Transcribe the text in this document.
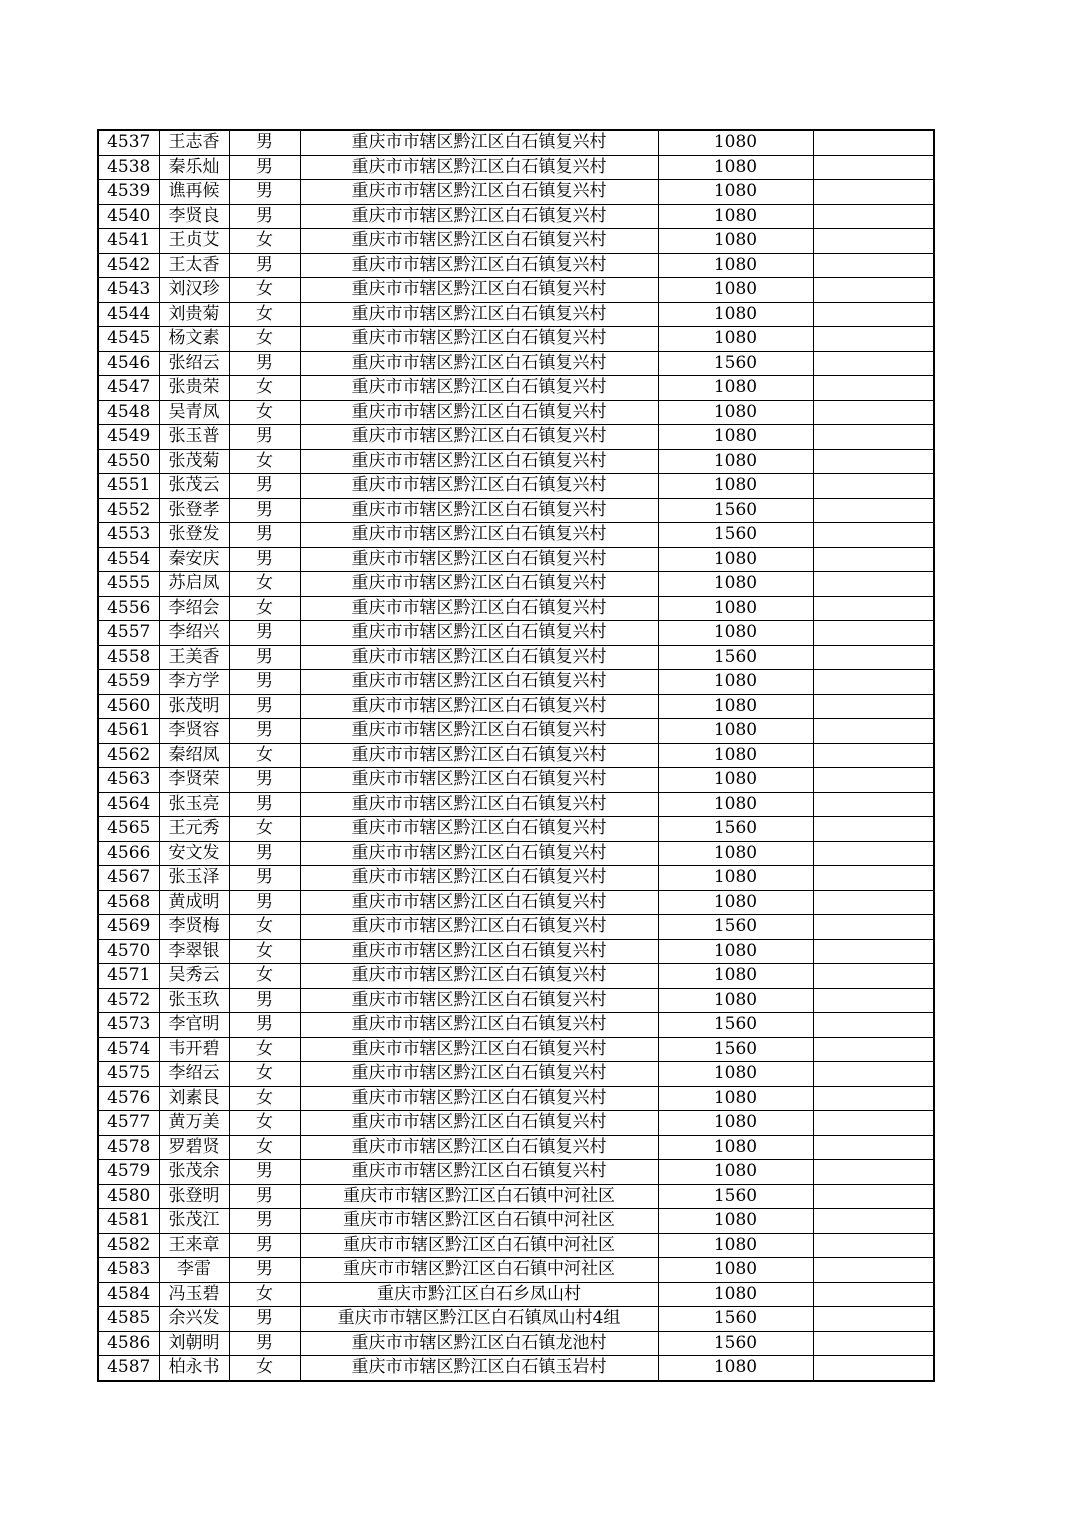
4537	王志香	男	重庆市市辖区黔江区白石镇复兴村	1080	
4538	秦乐灿	男	重庆市市辖区黔江区白石镇复兴村	1080	
4539	谯再候	男	重庆市市辖区黔江区白石镇复兴村	1080	
4540	李贤良	男	重庆市市辖区黔江区白石镇复兴村	1080	
4541	王贞艾	女	重庆市市辖区黔江区白石镇复兴村	1080	
4542	王太香	男	重庆市市辖区黔江区白石镇复兴村	1080	
4543	刘汉珍	女	重庆市市辖区黔江区白石镇复兴村	1080	
4544	刘贵菊	女	重庆市市辖区黔江区白石镇复兴村	1080	
4545	杨文素	女	重庆市市辖区黔江区白石镇复兴村	1080	
4546	张绍云	男	重庆市市辖区黔江区白石镇复兴村	1560	
4547	张贵荣	女	重庆市市辖区黔江区白石镇复兴村	1080	
4548	吴青凤	女	重庆市市辖区黔江区白石镇复兴村	1080	
4549	张玉普	男	重庆市市辖区黔江区白石镇复兴村	1080	
4550	张茂菊	女	重庆市市辖区黔江区白石镇复兴村	1080	
4551	张茂云	男	重庆市市辖区黔江区白石镇复兴村	1080	
4552	张登孝	男	重庆市市辖区黔江区白石镇复兴村	1560	
4553	张登发	男	重庆市市辖区黔江区白石镇复兴村	1560	
4554	秦安庆	男	重庆市市辖区黔江区白石镇复兴村	1080	
4555	苏启凤	女	重庆市市辖区黔江区白石镇复兴村	1080	
4556	李绍会	女	重庆市市辖区黔江区白石镇复兴村	1080	
4557	李绍兴	男	重庆市市辖区黔江区白石镇复兴村	1080	
4558	王美香	男	重庆市市辖区黔江区白石镇复兴村	1560	
4559	李方学	男	重庆市市辖区黔江区白石镇复兴村	1080	
4560	张茂明	男	重庆市市辖区黔江区白石镇复兴村	1080	
4561	李贤容	男	重庆市市辖区黔江区白石镇复兴村	1080	
4562	秦绍凤	女	重庆市市辖区黔江区白石镇复兴村	1080	
4563	李贤荣	男	重庆市市辖区黔江区白石镇复兴村	1080	
4564	张玉亮	男	重庆市市辖区黔江区白石镇复兴村	1080	
4565	王元秀	女	重庆市市辖区黔江区白石镇复兴村	1560	
4566	安文发	男	重庆市市辖区黔江区白石镇复兴村	1080	
4567	张玉泽	男	重庆市市辖区黔江区白石镇复兴村	1080	
4568	黄成明	男	重庆市市辖区黔江区白石镇复兴村	1080	
4569	李贤梅	女	重庆市市辖区黔江区白石镇复兴村	1560	
4570	李翠银	女	重庆市市辖区黔江区白石镇复兴村	1080	
4571	吴秀云	女	重庆市市辖区黔江区白石镇复兴村	1080	
4572	张玉玖	男	重庆市市辖区黔江区白石镇复兴村	1080	
4573	李官明	男	重庆市市辖区黔江区白石镇复兴村	1560	
4574	韦开碧	女	重庆市市辖区黔江区白石镇复兴村	1560	
4575	李绍云	女	重庆市市辖区黔江区白石镇复兴村	1080	
4576	刘素艮	女	重庆市市辖区黔江区白石镇复兴村	1080	
4577	黄万美	女	重庆市市辖区黔江区白石镇复兴村	1080	
4578	罗碧贤	女	重庆市市辖区黔江区白石镇复兴村	1080	
4579	张茂余	男	重庆市市辖区黔江区白石镇复兴村	1080	
4580	张登明	男	重庆市市辖区黔江区白石镇中河社区	1560	
4581	张茂江	男	重庆市市辖区黔江区白石镇中河社区	1080	
4582	王来章	男	重庆市市辖区黔江区白石镇中河社区	1080	
4583	李雷	男	重庆市市辖区黔江区白石镇中河社区	1080	
4584	冯玉碧	女	重庆市黔江区白石乡凤山村	1080	
4585	余兴发	男	重庆市市辖区黔江区白石镇凤山村4组	1560	
4586	刘朝明	男	重庆市市辖区黔江区白石镇龙池村	1560	
4587	柏永书	女	重庆市市辖区黔江区白石镇玉岩村	1080	
